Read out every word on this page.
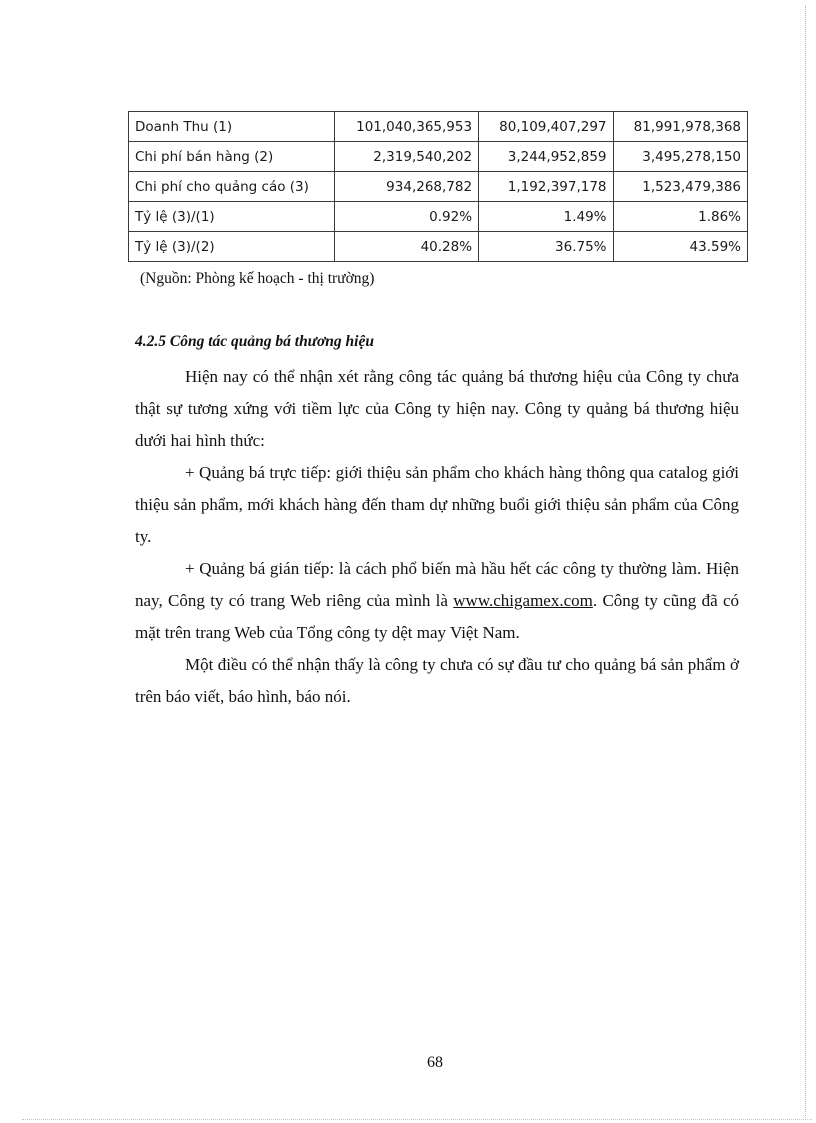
Doanh Thu (1)	101,040,365,953	80,109,407,297	81,991,978,368
Chi phí bán hàng (2)	2,319,540,202	3,244,952,859	3,495,278,150
Chi phí cho quảng cáo (3)	934,268,782	1,192,397,178	1,523,479,386
Tỷ lệ (3)/(1)	0.92%	1.49%	1.86%
Tỷ lệ (3)/(2)	40.28%	36.75%	43.59%
(Nguồn: Phòng kế hoạch - thị trường)
4.2.5 Công tác quảng bá thương hiệu

Hiện nay có thể nhận xét rằng công tác quảng bá thương hiệu của Công ty chưa thật sự tương xứng với tiềm lực của Công ty hiện nay. Công ty quảng bá thương hiệu dưới hai hình thức:

+ Quảng bá trực tiếp: giới thiệu sản phẩm cho khách hàng thông qua catalog giới thiệu sản phẩm, mới khách hàng đến tham dự những buổi giới thiệu sản phẩm của Công ty.

+ Quảng bá gián tiếp: là cách phổ biến mà hầu hết các công ty thường làm. Hiện nay, Công ty có trang Web riêng của mình là www.chigamex.com. Công ty cũng đã có mặt trên trang Web của Tổng công ty dệt may Việt Nam.

Một điều có thể nhận thấy là công ty chưa có sự đầu tư cho quảng bá sản phẩm ở trên báo viết, báo hình, báo nói.

68
